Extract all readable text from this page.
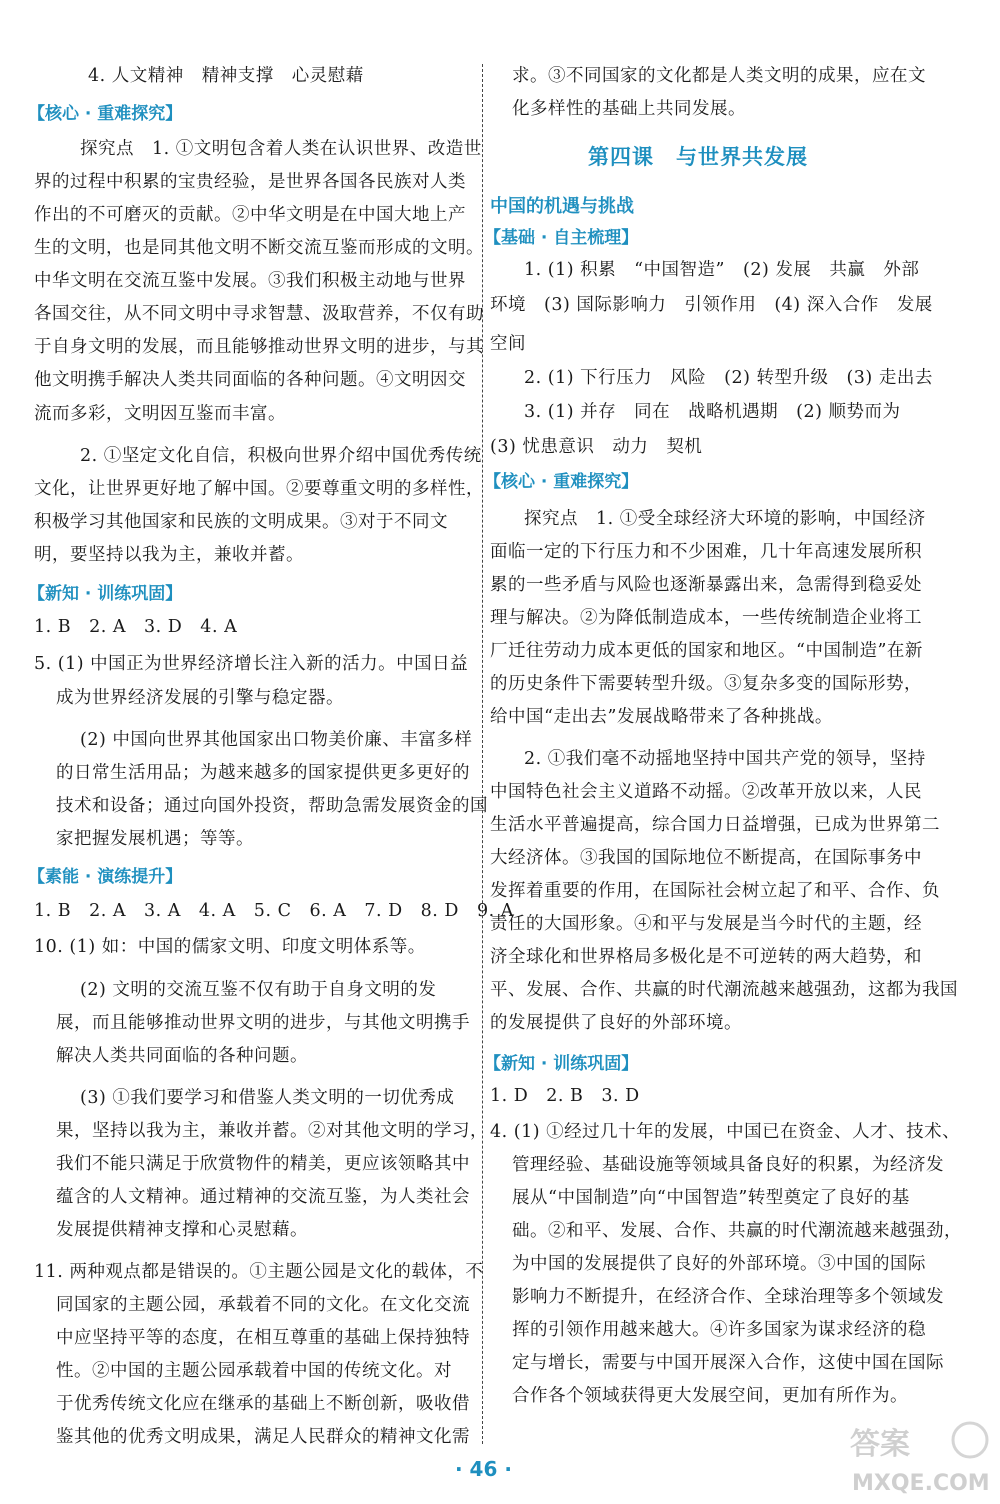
4. 人文精神　精神支撑　心灵慰藉
探究点　1. ①文明包含着人类在认识世界、改造世
界的过程中积累的宝贵经验，是世界各国各民族对人类
作出的不可磨灭的贡献。②中华文明是在中国大地上产
生的文明，也是同其他文明不断交流互鉴而形成的文明。
中华文明在交流互鉴中发展。③我们积极主动地与世界
各国交往，从不同文明中寻求智慧、汲取营养，不仅有助
于自身文明的发展，而且能够推动世界文明的进步，与其
他文明携手解决人类共同面临的各种问题。④文明因交
流而多彩，文明因互鉴而丰富。
2. ①坚定文化自信，积极向世界介绍中国优秀传统
文化，让世界更好地了解中国。②要尊重文明的多样性，
积极学习其他国家和民族的文明成果。③对于不同文
明，要坚持以我为主，兼收并蓄。
1. B　2. A　3. D　4. A
5. (1) 中国正为世界经济增长注入新的活力。中国日益
成为世界经济发展的引擎与稳定器。
(2) 中国向世界其他国家出口物美价廉、丰富多样
的日常生活用品；为越来越多的国家提供更多更好的
技术和设备；通过向国外投资，帮助急需发展资金的国
家把握发展机遇；等等。
1. B　2. A　3. A　4. A　5. C　6. A　7. D　8. D　9. A
10. (1) 如：中国的儒家文明、印度文明体系等。
(2) 文明的交流互鉴不仅有助于自身文明的发
展，而且能够推动世界文明的进步，与其他文明携手
解决人类共同面临的各种问题。
(3) ①我们要学习和借鉴人类文明的一切优秀成
果，坚持以我为主，兼收并蓄。②对其他文明的学习，
我们不能只满足于欣赏物件的精美，更应该领略其中
蕴含的人文精神。通过精神的交流互鉴，为人类社会
发展提供精神支撑和心灵慰藉。
11. 两种观点都是错误的。①主题公园是文化的载体，不
同国家的主题公园，承载着不同的文化。在文化交流
中应坚持平等的态度，在相互尊重的基础上保持独特
性。②中国的主题公园承载着中国的传统文化。对
于优秀传统文化应在继承的基础上不断创新，吸收借
鉴其他的优秀文明成果，满足人民群众的精神文化需
【核心 · 重难探究】
【新知 · 训练巩固】
【素能 · 演练提升】
第四课　与世界共发展
中国的机遇与挑战
求。③不同国家的文化都是人类文明的成果，应在文
化多样性的基础上共同发展。
1. (1) 积累　“中国智造”　(2) 发展　共赢　外部
环境　(3) 国际影响力　引领作用　(4) 深入合作　发展
空间
2. (1) 下行压力　风险　(2) 转型升级　(3) 走出去
3. (1) 并存　同在　战略机遇期　(2) 顺势而为
(3) 忧患意识　动力　契机
探究点　1. ①受全球经济大环境的影响，中国经济
面临一定的下行压力和不少困难，几十年高速发展所积
累的一些矛盾与风险也逐渐暴露出来，急需得到稳妥处
理与解决。②为降低制造成本，一些传统制造企业将工
厂迁往劳动力成本更低的国家和地区。“中国制造”在新
的历史条件下需要转型升级。③复杂多变的国际形势，
给中国“走出去”发展战略带来了各种挑战。
2. ①我们毫不动摇地坚持中国共产党的领导，坚持
中国特色社会主义道路不动摇。②改革开放以来，人民
生活水平普遍提高，综合国力日益增强，已成为世界第二
大经济体。③我国的国际地位不断提高，在国际事务中
发挥着重要的作用，在国际社会树立起了和平、合作、负
责任的大国形象。④和平与发展是当今时代的主题，经
济全球化和世界格局多极化是不可逆转的两大趋势，和
平、发展、合作、共赢的时代潮流越来越强劲，这都为我国
的发展提供了良好的外部环境。
1. D　2. B　3. D
4. (1) ①经过几十年的发展，中国已在资金、人才、技术、
管理经验、基础设施等领域具备良好的积累，为经济发
展从“中国制造”向“中国智造”转型奠定了良好的基
础。②和平、发展、合作、共赢的时代潮流越来越强劲，
为中国的发展提供了良好的外部环境。③中国的国际
影响力不断提升，在经济合作、全球治理等多个领域发
挥的引领作用越来越大。④许多国家为谋求经济的稳
定与增长，需要与中国开展深入合作，这使中国在国际
合作各个领域获得更大发展空间，更加有所作为。
【基础 · 自主梳理】
【核心 · 重难探究】
【新知 · 训练巩固】
· 46 ·
答案
MXQE.COM
